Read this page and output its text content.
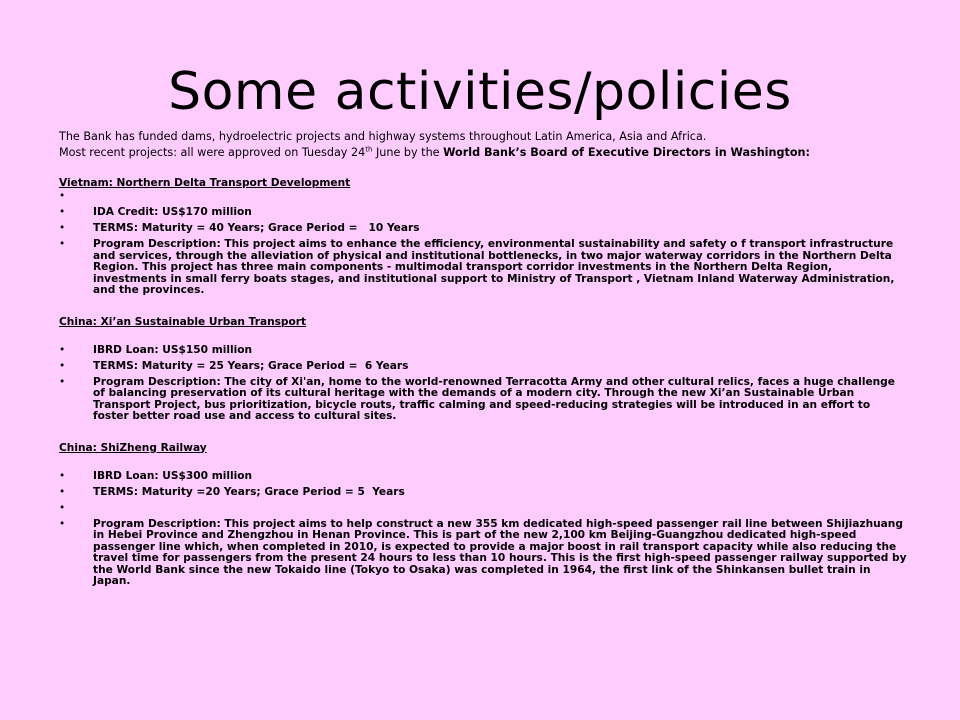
Some activities/policies

The Bank has funded dams, hydroelectric projects and highway systems throughout Latin America, Asia and Africa.

Most recent projects: all were approved on Tuesday 24th June by the World Bank’s Board of Executive Directors in Washington:

Vietnam: Northern Delta Transport Development

•

•	IDA Credit: US$170 million
•	TERMS: Maturity = 40 Years; Grace Period =   10 Years
•	Program Description: This project aims to enhance the efficiency, environmental sustainability and safety o f transport infrastructure and services, through the alleviation of physical and institutional bottlenecks, in two major waterway corridors in the Northern Delta Region. This project has three main components - multimodal transport corridor investments in the Northern Delta Region, investments in small ferry boats stages, and institutional support to Ministry of Transport , Vietnam Inland Waterway Administration, and the provinces.

China: Xi’an Sustainable Urban Transport

•	IBRD Loan: US$150 million
•	TERMS: Maturity = 25 Years; Grace Period =  6 Years
•	Program Description: The city of Xi'an, home to the world-renowned Terracotta Army and other cultural relics, faces a huge challenge of balancing preservation of its cultural heritage with the demands of a modern city. Through the new Xi’an Sustainable Urban Transport Project, bus prioritization, bicycle routs, traffic calming and speed-reducing strategies will be introduced in an effort to foster better road use and access to cultural sites.

China: ShiZheng Railway

•	IBRD Loan: US$300 million
•	TERMS: Maturity =20 Years; Grace Period = 5  Years
•

•	Program Description: This project aims to help construct a new 355 km dedicated high-speed passenger rail line between Shijiazhuang in Hebei Province and Zhengzhou in Henan Province. This is part of the new 2,100 km Beijing-Guangzhou dedicated high-speed passenger line which, when completed in 2010, is expected to provide a major boost in rail transport capacity while also reducing the travel time for passengers from the present 24 hours to less than 10 hours. This is the first high-speed passenger railway supported by the World Bank since the new Tokaido line (Tokyo to Osaka) was completed in 1964, the first link of the Shinkansen bullet train in Japan.
